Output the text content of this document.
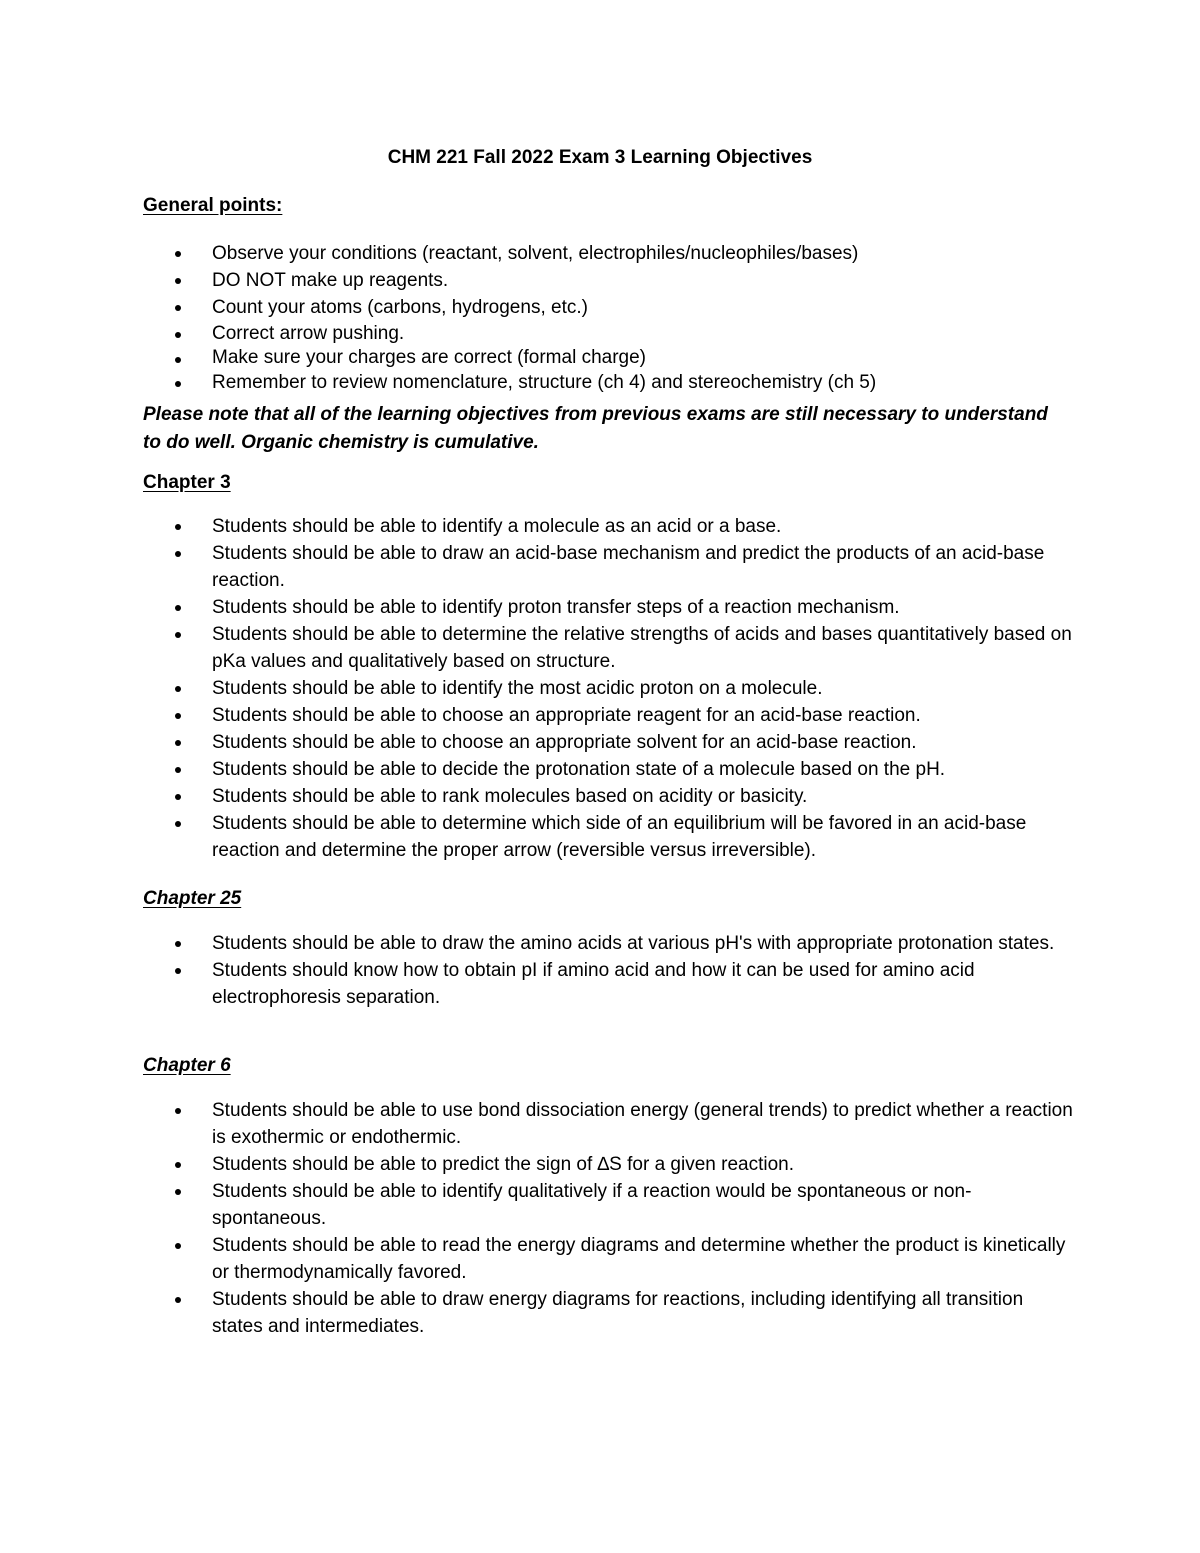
CHM 221 Fall 2022 Exam 3 Learning Objectives
General points:
Observe your conditions (reactant, solvent, electrophiles/nucleophiles/bases)
DO NOT make up reagents.
Count your atoms (carbons, hydrogens, etc.)
Correct arrow pushing.
Make sure your charges are correct (formal charge)
Remember to review nomenclature, structure (ch 4) and stereochemistry (ch 5)
Please note that all of the learning objectives from previous exams are still necessary to understand to do well. Organic chemistry is cumulative.
Chapter 3
Students should be able to identify a molecule as an acid or a base.
Students should be able to draw an acid-base mechanism and predict the products of an acid-base reaction.
Students should be able to identify proton transfer steps of a reaction mechanism.
Students should be able to determine the relative strengths of acids and bases quantitatively based on pKa values and qualitatively based on structure.
Students should be able to identify the most acidic proton on a molecule.
Students should be able to choose an appropriate reagent for an acid-base reaction.
Students should be able to choose an appropriate solvent for an acid-base reaction.
Students should be able to decide the protonation state of a molecule based on the pH.
Students should be able to rank molecules based on acidity or basicity.
Students should be able to determine which side of an equilibrium will be favored in an acid-base reaction and determine the proper arrow (reversible versus irreversible).
Chapter 25
Students should be able to draw the amino acids at various pH's with appropriate protonation states.
Students should know how to obtain pI if amino acid and how it can be used for amino acid electrophoresis separation.
Chapter 6
Students should be able to use bond dissociation energy (general trends) to predict whether a reaction is exothermic or endothermic.
Students should be able to predict the sign of ∆S for a given reaction.
Students should be able to identify qualitatively if a reaction would be spontaneous or non-spontaneous.
Students should be able to read the energy diagrams and determine whether the product is kinetically or thermodynamically favored.
Students should be able to draw energy diagrams for reactions, including identifying all transition states and intermediates.
